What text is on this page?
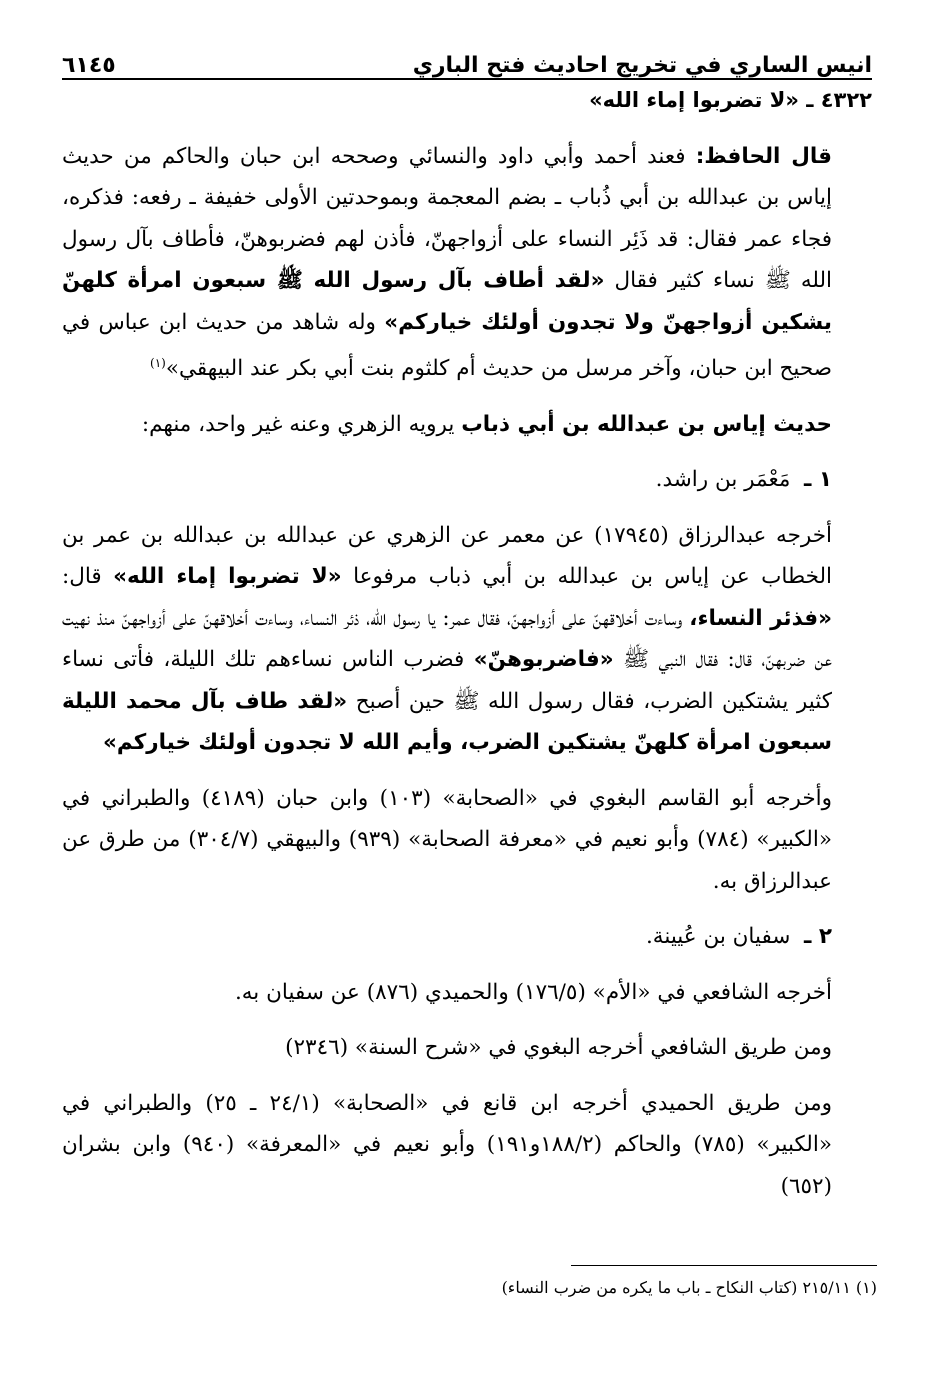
انيس الساري في تخريج احاديث فتح الباري
٦١٤٥

٤٣٢٢ ـ «لا تضربوا إماء الله»

قال الحافظ: فعند أحمد وأبي داود والنسائي وصححه ابن حبان والحاكم من حديث إياس بن عبدالله بن أبي ذُباب ـ بضم المعجمة وبموحدتين الأولى خفيفة ـ رفعه: فذكره، فجاء عمر فقال: قد ذَئِر النساء على أزواجهنّ، فأذن لهم فضربوهنّ، فأطاف بآل رسول الله ﷺ نساء كثير فقال «لقد أطاف بآل رسول الله ﷺ سبعون امرأة كلهنّ يشكين أزواجهنّ ولا تجدون أولئك خياركم» وله شاهد من حديث ابن عباس في صحيح ابن حبان، وآخر مرسل من حديث أم كلثوم بنت أبي بكر عند البيهقي»$^{(١)}$

حديث إياس بن عبدالله بن أبي ذباب يرويه الزهري وعنه غير واحد، منهم:

١ ـ  مَعْمَر بن راشد.

أخرجه عبدالرزاق (١٧٩٤٥) عن معمر عن الزهري عن عبدالله بن عبدالله بن عمر بن الخطاب عن إياس بن عبدالله بن أبي ذباب مرفوعا «لا تضربوا إماء الله» قال: «فذئر النساء، وساءت أخلاقهنّ على أزواجهنّ، فقال عمر: يا رسول الله، ذئر النساء، وساءت أخلاقهنّ على أزواجهنّ منذ نهيت عن ضربهنّ، قال: فقال النبي ﷺ «فاضربوهنّ» فضرب الناس نساءهم تلك الليلة، فأتى نساء كثير يشتكين الضرب، فقال رسول الله ﷺ حين أصبح «لقد طاف بآل محمد الليلة سبعون امرأة كلهنّ يشتكين الضرب، وأيم الله لا تجدون أولئك خياركم»

وأخرجه أبو القاسم البغوي في «الصحابة» (١٠٣) وابن حبان (٤١٨٩) والطبراني في «الكبير» (٧٨٤) وأبو نعيم في «معرفة الصحابة» (٩٣٩) والبيهقي (٣٠٤/٧) من طرق عن عبدالرزاق به.

٢ ـ  سفيان بن عُيينة.

أخرجه الشافعي في «الأم» (١٧٦/٥) والحميدي (٨٧٦) عن سفيان به.

ومن طريق الشافعي أخرجه البغوي في «شرح السنة» (٢٣٤٦)

ومن طريق الحميدي أخرجه ابن قانع في «الصحابة» (٢٤/١ ـ ٢٥) والطبراني في «الكبير» (٧٨٥) والحاكم (١٨٨/٢و١٩١) وأبو نعيم في «المعرفة» (٩٤٠) وابن بشران (٦٥٢)

(١) ٢١٥/١١ (كتاب النكاح ـ باب ما يكره من ضرب النساء)
